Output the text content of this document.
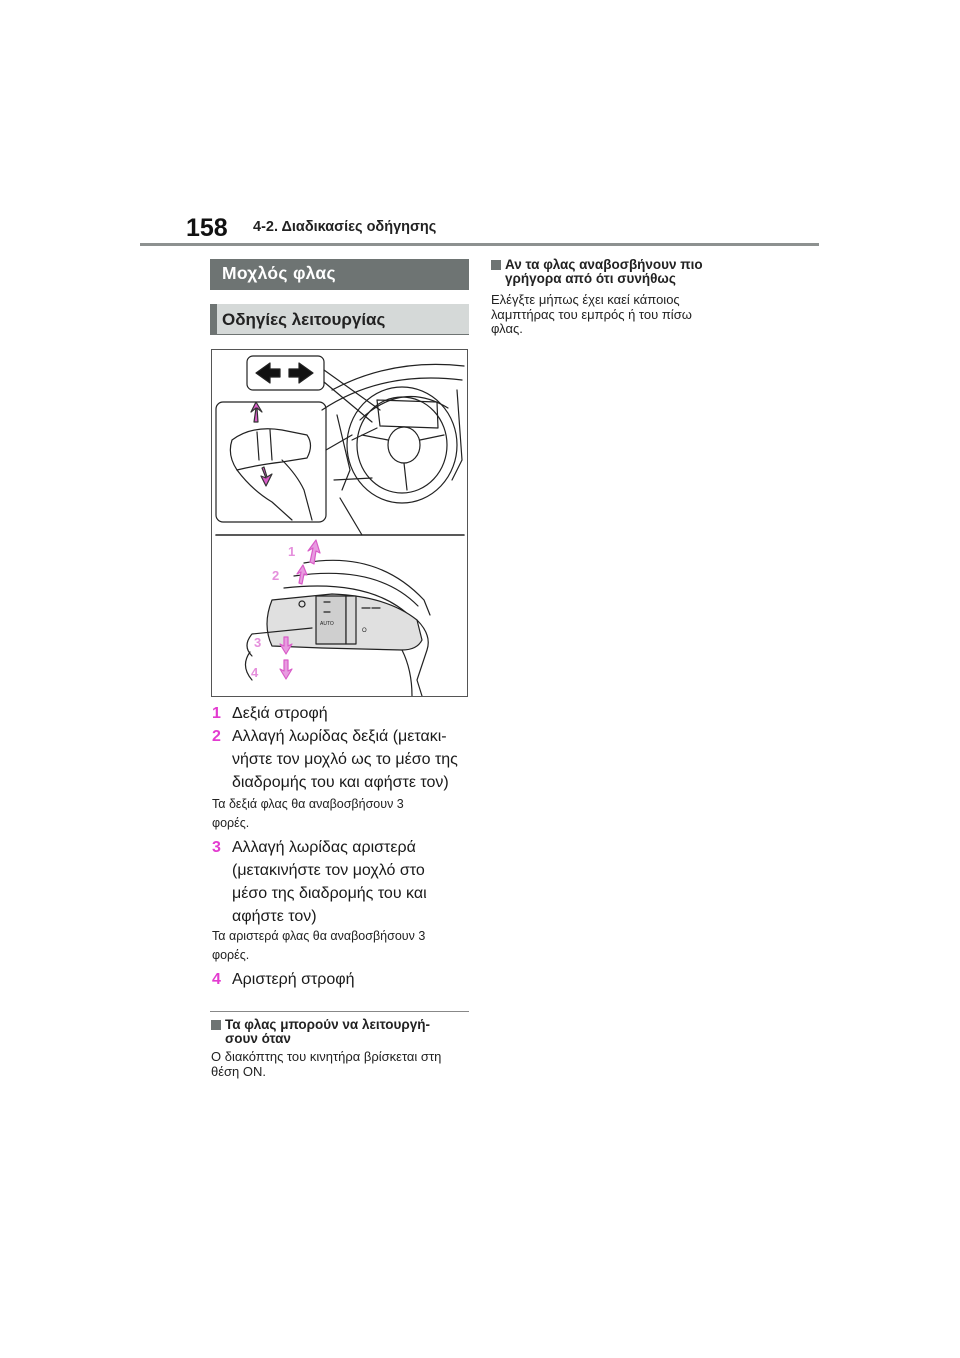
158 4-2. Διαδικασίες οδήγησης
Μοχλός φλας
Οδηγίες λειτουργίας
AUTO
O
1
2
3
4
1 Δεξιά στροφή
2 Αλλαγή λωρίδας δεξιά (μετακι-
νήστε τον μοχλό ως το μέσο της
διαδρομής του και αφήστε τον)
Τα δεξιά φλας θα αναβοσβήσουν 3
φορές.
3 Αλλαγή λωρίδας αριστερά
(μετακινήστε τον μοχλό στο
μέσο της διαδρομής του και
αφήστε τον)
Τα αριστερά φλας θα αναβοσβήσουν 3
φορές.
4 Αριστερή στροφή
Τα φλας μπορούν να λειτουργή-
σουν όταν
Ο διακόπτης του κινητήρα βρίσκεται στη
θέση ΟΝ.
Αν τα φλας αναβοσβήνουν πιο
γρήγορα από ότι συνήθως
Ελέγξτε μήπως έχει καεί κάποιος
λαμπτήρας του εμπρός ή του πίσω
φλας.
